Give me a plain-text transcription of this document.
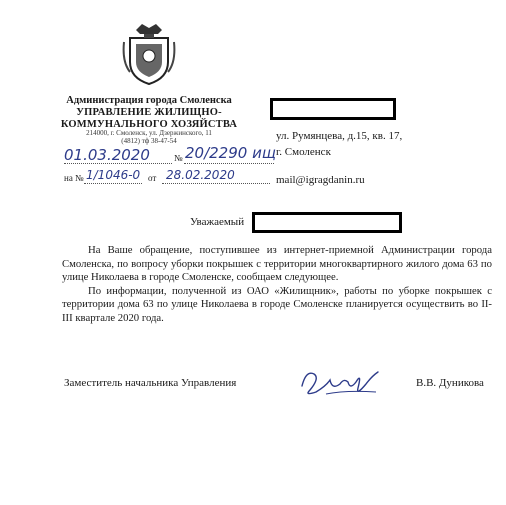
Администрация города Смоленска
УПРАВЛЕНИЕ ЖИЛИЩНО-
КОММУНАЛЬНОГО ХОЗЯЙСТВА
214000, г. Смоленск, ул. Дзержинского, 11
(4812) тф 38-47-54
01.03.2020	№ 20/2290 ищ
на № 1/1046-0 от 28.02.2020
ул. Румянцева, д.15, кв. 17,
г. Смоленск
mail@igragdanin.ru
Уважаемый

На Ваше обращение, поступившее из интернет-приемной Администрации города Смоленска, по вопросу уборки покрышек с территории многоквартирного жилого дома 63 по улице Николаева в городе Смоленске, сообщаем следующее.

По информации, полученной из ОАО «Жилищник», работы по уборке покрышек с территории дома 63 по улице Николаева в городе Смоленске планируется осуществить во II-III квартале 2020 года.

Заместитель начальника Управления	В.В. Дуникова
